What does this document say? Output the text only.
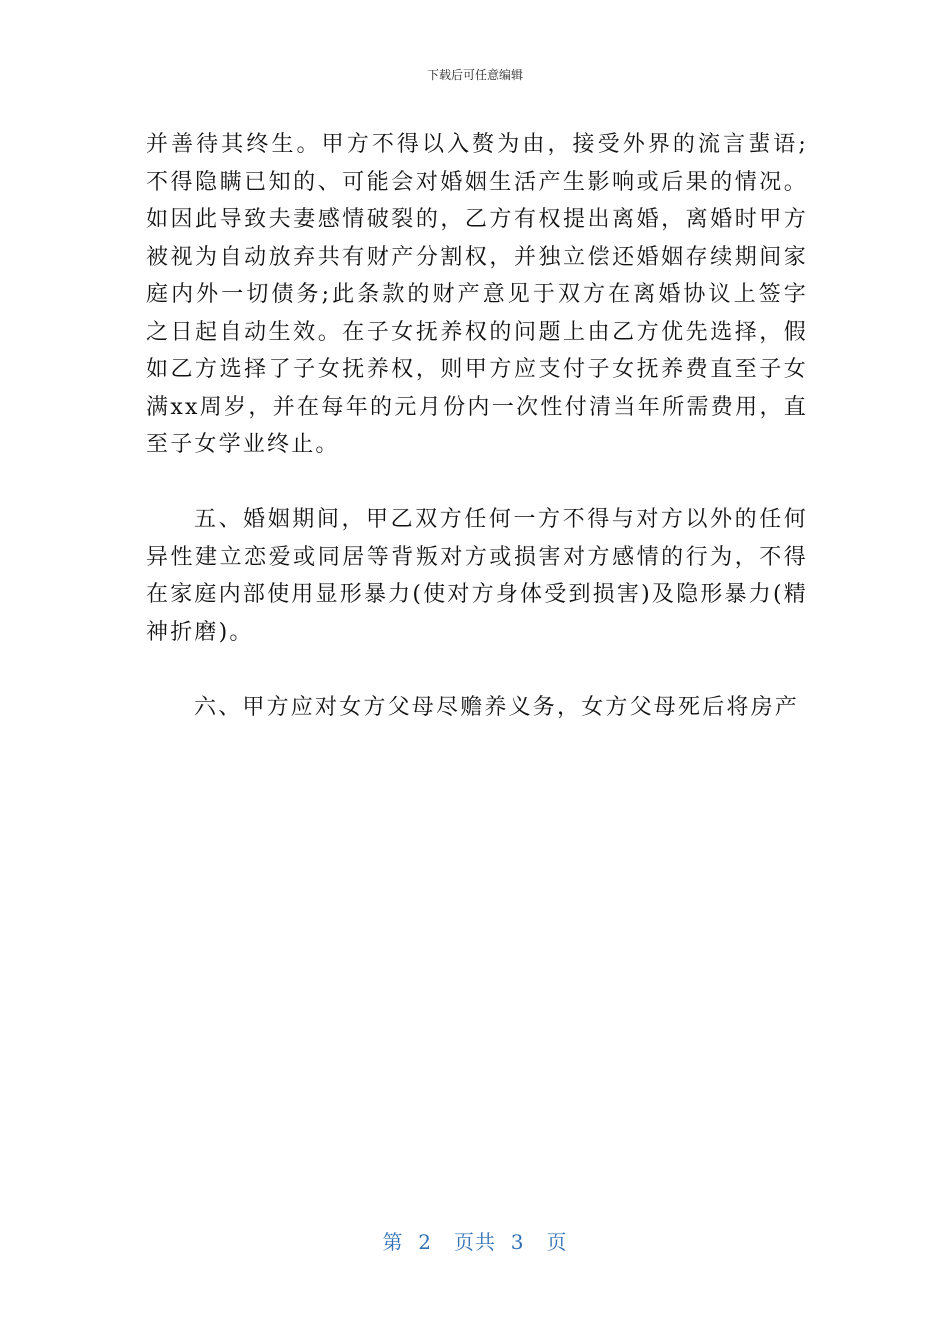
下载后可任意编辑

并善待其终生。甲方不得以入赘为由，接受外界的流言蜚语;不得隐瞒已知的、可能会对婚姻生活产生影响或后果的情况。如因此导致夫妻感情破裂的，乙方有权提出离婚，离婚时甲方被视为自动放弃共有财产分割权，并独立偿还婚姻存续期间家庭内外一切债务;此条款的财产意见于双方在离婚协议上签字之日起自动生效。在子女抚养权的问题上由乙方优先选择，假如乙方选择了子女抚养权，则甲方应支付子女抚养费直至子女满xx周岁，并在每年的元月份内一次性付清当年所需费用，直至子女学业终止。

五、婚姻期间，甲乙双方任何一方不得与对方以外的任何异性建立恋爱或同居等背叛对方或损害对方感情的行为，不得在家庭内部使用显形暴力(使对方身体受到损害)及隐形暴力(精神折磨)。

六、甲方应对女方父母尽赡养义务，女方父母死后将房产

第  2   页共  3   页
